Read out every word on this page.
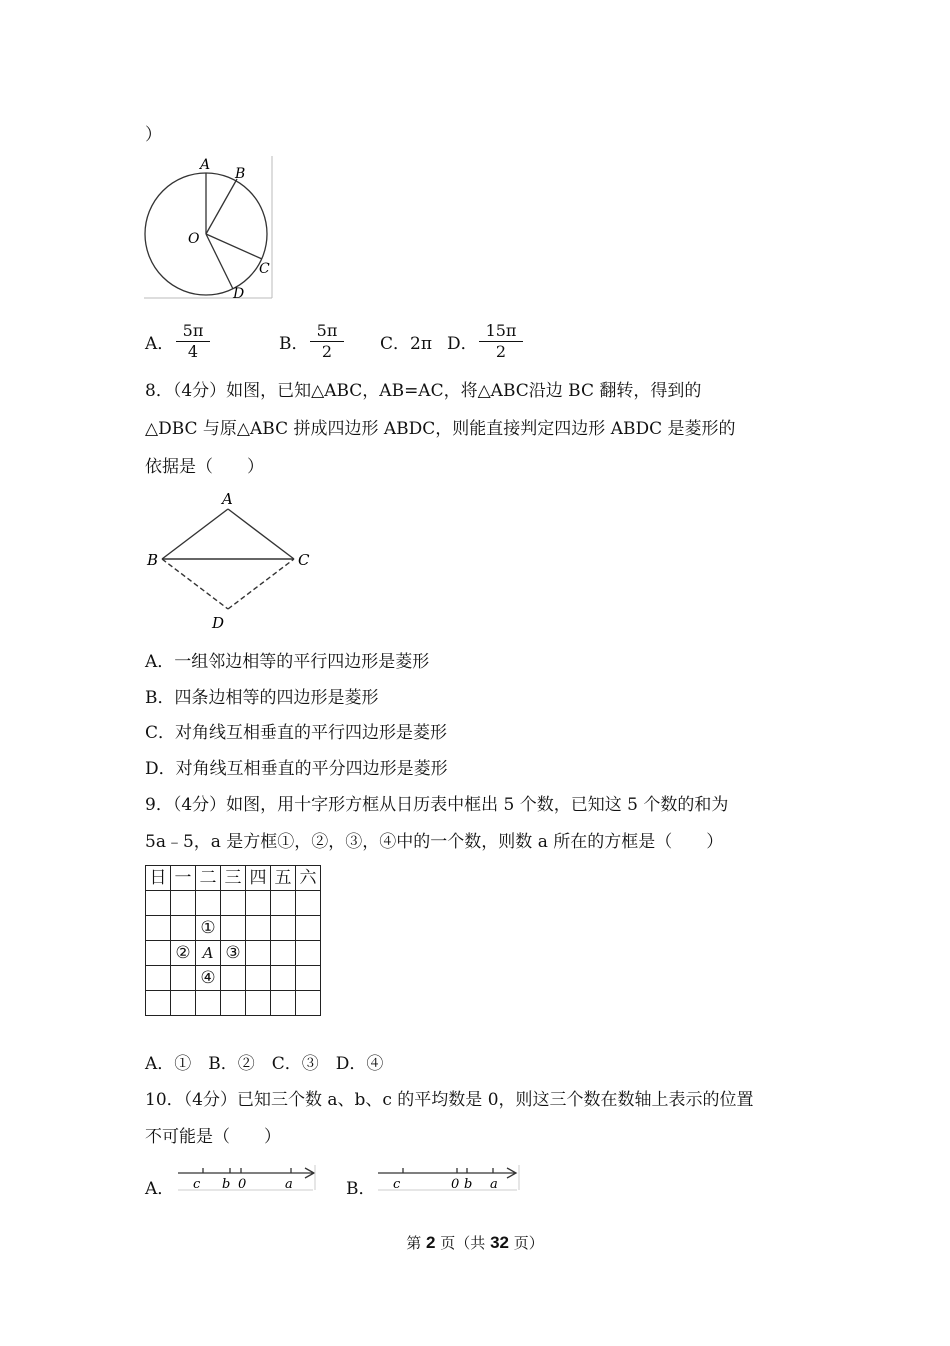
）
A
B
O
C
D
A．
5π
4	B．
5π
2	C． 2π D．
15π
2
8．（4分）如图，已知△ABC，AB=AC，将△ABC沿边 BC 翻转，得到的
△DBC 与原△ABC 拼成四边形 ABDC，则能直接判定四边形 ABDC 是菱形的
依据是（　　）
A
B	C
D
A．一组邻边相等的平行四边形是菱形
B．四条边相等的四边形是菱形
C．对角线互相垂直的平行四边形是菱形
D．对角线互相垂直的平分四边形是菱形
9．（4分）如图，用十字形方框从日历表中框出 5 个数，已知这 5 个数的和为
5a﹣5，a 是方框①，②，③，④中的一个数，则数 a 所在的方框是（　　）
日	一	二	三	四	五	六

		①				
	②	A	③			
		④				

A．①　B．②　C．③　D．④
10．（4分）已知三个数 a、b、c 的平均数是 0，则这三个数在数轴上表示的位置
不可能是（　　）
A． c b 0	a	B． c	0 b a
第 2 页（共 32 页）
